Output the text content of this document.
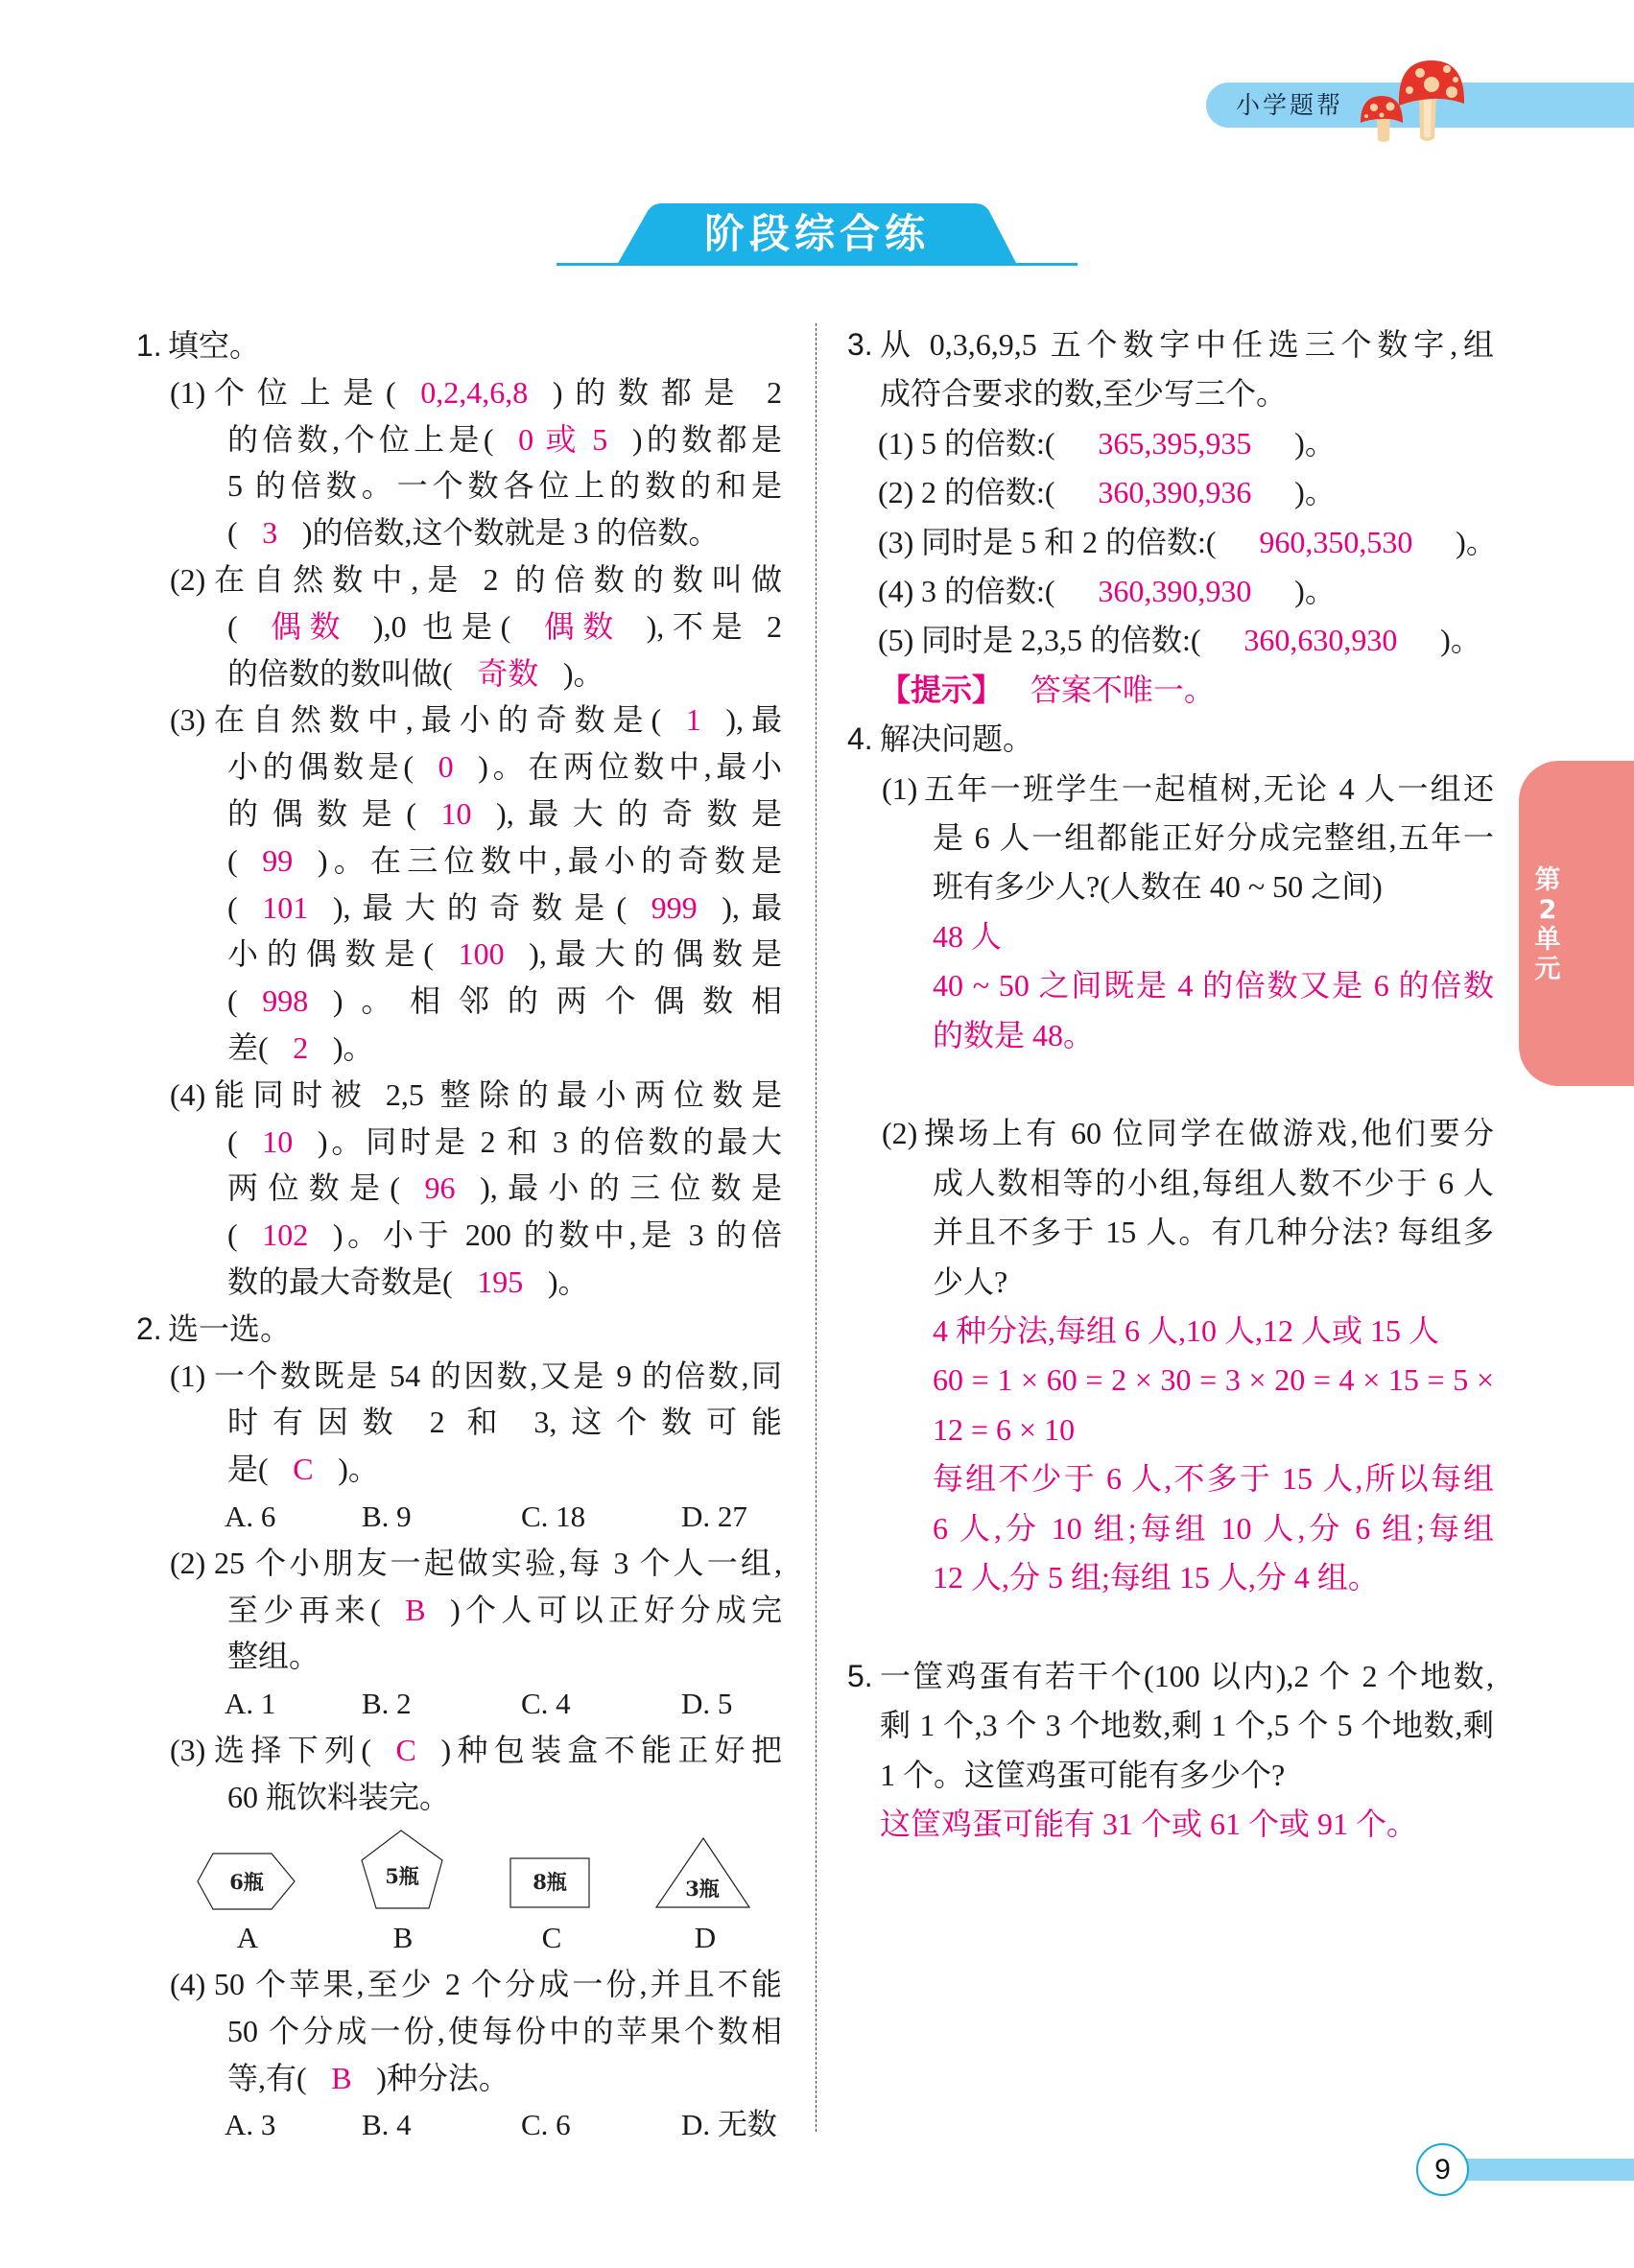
小学题帮
阶段综合练
1. 填空。
(1) 个位上是( 0,2,4,6,8 )的数都是 2
的倍数,个位上是( 0 或 5 )的数都是
5 的倍数。一个数各位上的数的和是
( 3 )的倍数,这个数就是 3 的倍数。
(2) 在自然数中,是 2 的倍数的数叫做
( 偶数 ),0 也是( 偶数 ),不是 2
的倍数的数叫做( 奇数 )。
(3) 在自然数中,最小的奇数是( 1 ),最
小的偶数是( 0 )。在两位数中,最小
的偶数是( 10 ),最大的奇数是
( 99 )。在三位数中,最小的奇数是
( 101 ),最大的奇数是( 999 ),最
小的偶数是( 100 ),最大的偶数是
( 998 )。相邻的两个偶数相
差( 2 )。
(4) 能同时被 2,5 整除的最小两位数是
( 10 )。同时是 2 和 3 的倍数的最大
两位数是( 96 ),最小的三位数是
( 102 )。小于 200 的数中,是 3 的倍
数的最大奇数是( 195 )。
2. 选一选。
(1) 一个数既是 54 的因数,又是 9 的倍数,同
时有因数 2 和 3,这个数可能
是( C )。
A. 6	B. 9	C. 18	D. 27
(2) 25 个小朋友一起做实验,每 3 个人一组,
至少再来( B )个人可以正好分成完
整组。
A. 1	B. 2	C. 4	D. 5
(3) 选择下列( C )种包装盒不能正好把
60 瓶饮料装完。
6瓶	5瓶	8瓶	3瓶
A	B	C	D
(4) 50 个苹果,至少 2 个分成一份,并且不能
50 个分成一份,使每份中的苹果个数相
等,有( B )种分法。
A. 3	B. 4	C. 6	D. 无数
3. 从 0,3,6,9,5 五个数字中任选三个数字,组
成符合要求的数,至少写三个。
(1) 5 的倍数:( 365,395,935 )。
(2) 2 的倍数:( 360,390,936 )。
(3) 同时是 5 和 2 的倍数:( 960,350,530 )。
(4) 3 的倍数:( 360,390,930 )。
(5) 同时是 2,3,5 的倍数:( 360,630,930 )。
【提示】 答案不唯一。
4. 解决问题。
(1) 五年一班学生一起植树,无论 4 人一组还
是 6 人一组都能正好分成完整组,五年一
班有多少人?(人数在 40 ~ 50 之间)
48 人
40 ~ 50 之间既是 4 的倍数又是 6 的倍数
的数是 48。
(2) 操场上有 60 位同学在做游戏,他们要分
成人数相等的小组,每组人数不少于 6 人
并且不多于 15 人。有几种分法? 每组多
少人?
4 种分法,每组 6 人,10 人,12 人或 15 人
60 = 1 × 60 = 2 × 30 = 3 × 20 = 4 × 15 = 5 ×
12 = 6 × 10
每组不少于 6 人,不多于 15 人,所以每组
6 人,分 10 组;每组 10 人,分 6 组;每组
12 人,分 5 组;每组 15 人,分 4 组。
5. 一筐鸡蛋有若干个(100 以内),2 个 2 个地数,
剩 1 个,3 个 3 个地数,剩 1 个,5 个 5 个地数,剩
1 个。这筐鸡蛋可能有多少个?
这筐鸡蛋可能有 31 个或 61 个或 91 个。
第
2
单
元
9
